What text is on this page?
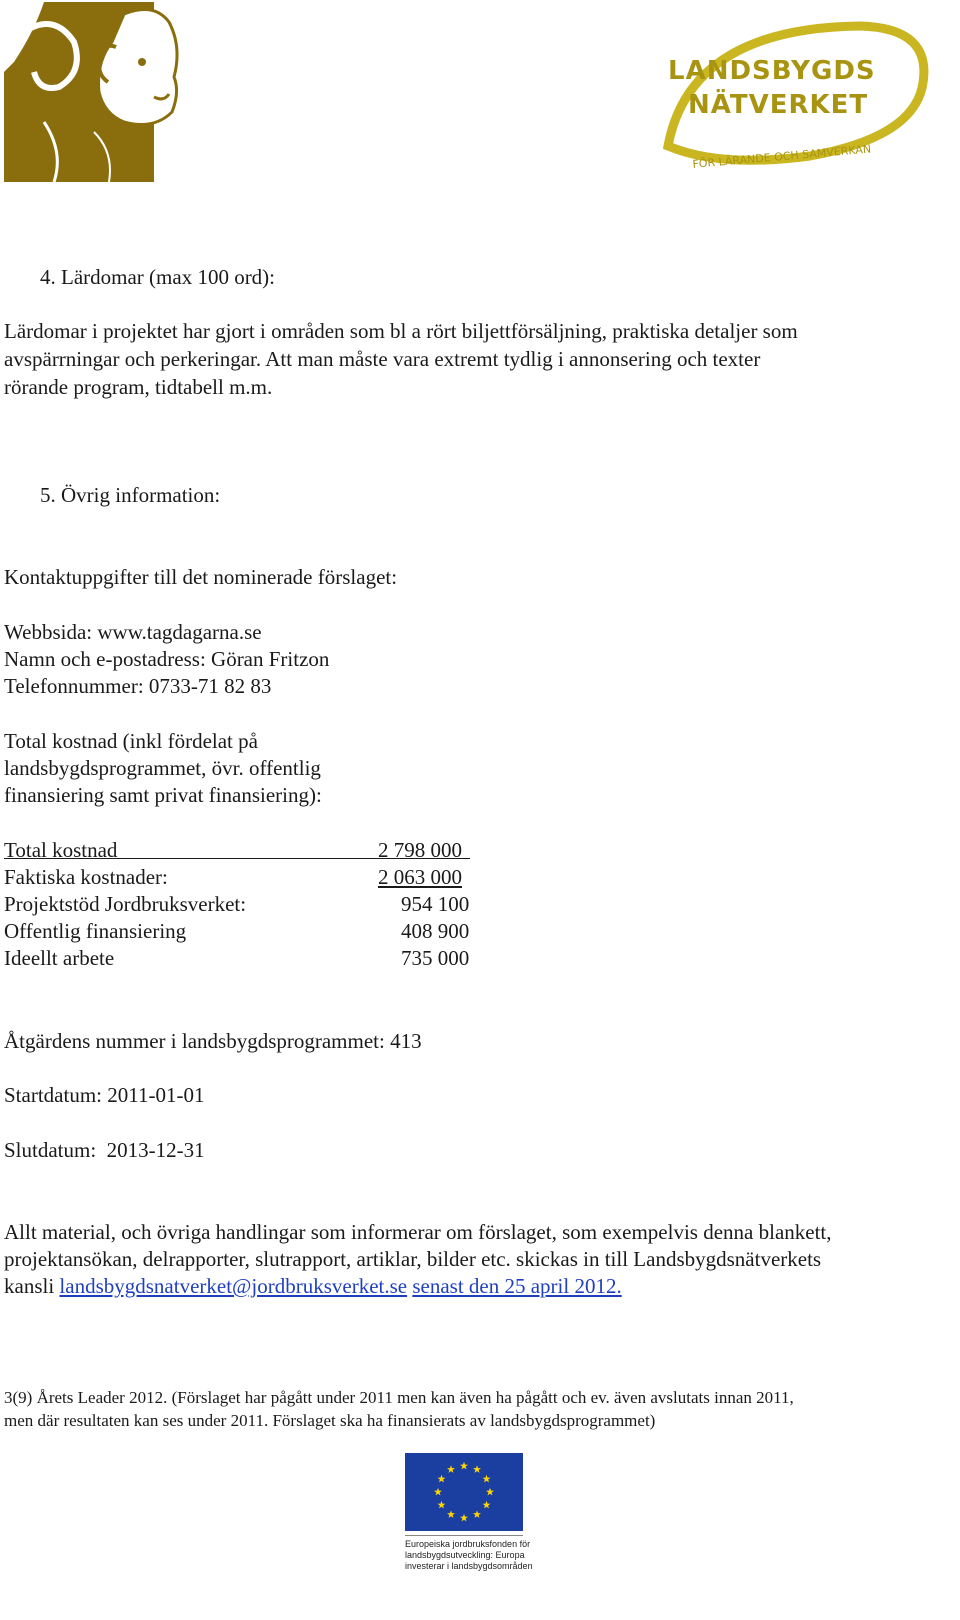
LANDSBYGDS
NÄTVERKET
FÖR LÄRANDE OCH SAMVERKAN
4. Lärdomar (max 100 ord):
Lärdomar i projektet har gjort i områden som bl a rört biljettförsäljning, praktiska detaljer som
avspärrningar och perkeringar. Att man måste vara extremt tydlig i annonsering och texter
rörande program, tidtabell m.m.
5. Övrig information:
Kontaktuppgifter till det nominerade förslaget:
Webbsida: www.tagdagarna.se
Namn och e-postadress: Göran Fritzon
Telefonnummer: 0733-71 82 83
Total kostnad (inkl fördelat på
landsbygdsprogrammet, övr. offentlig
finansiering samt privat finansiering):
Total kostnad	2 798 000
Faktiska kostnader:	2 063 000
Projektstöd Jordbruksverket:	954 100
Offentlig finansiering	408 900
Ideellt arbete	735 000
Åtgärdens nummer i landsbygdsprogrammet: 413
Startdatum: 2011-01-01
Slutdatum:  2013-12-31
Allt material, och övriga handlingar som informerar om förslaget, som exempelvis denna blankett,
projektansökan, delrapporter, slutrapport, artiklar, bilder etc. skickas in till Landsbygdsnätverkets
kansli landsbygdsnatverket@jordbruksverket.se senast den 25 april 2012.
3(9) Årets Leader 2012. (Förslaget har pågått under 2011 men kan även ha pågått och ev. även avslutats innan 2011,
men där resultaten kan ses under 2011. Förslaget ska ha finansierats av landsbygdsprogrammet)
Europeiska jordbruksfonden för
landsbygdsutveckling: Europa
investerar i landsbygdsområden
